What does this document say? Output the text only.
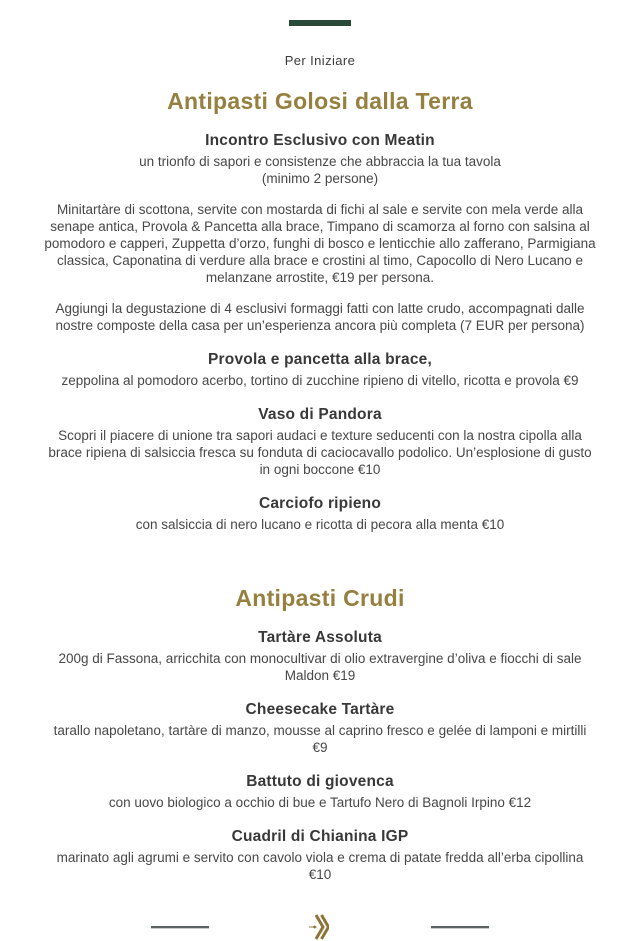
Per Iniziare
Antipasti Golosi dalla Terra
Incontro Esclusivo con Meatin
un trionfo di sapori e consistenze che abbraccia la tua tavola
(minimo 2 persone)

Minitartàre di scottona, servite con mostarda di fichi al sale e servite con mela verde alla senape antica, Provola & Pancetta alla brace, Timpano di scamorza al forno con salsina al pomodoro e capperi, Zuppetta d’orzo, funghi di bosco e lenticchie allo zafferano, Parmigiana classica, Caponatina di verdure alla brace e crostini al timo, Capocollo di Nero Lucano e melanzane arrostite, €19 per persona.

Aggiungi la degustazione di 4 esclusivi formaggi fatti con latte crudo, accompagnati dalle nostre composte della casa per un’esperienza ancora più completa (7 EUR per persona)

Provola e pancetta alla brace,
zeppolina al pomodoro acerbo, tortino di zucchine ripieno di vitello, ricotta e provola €9
Vaso di Pandora
Scopri il piacere di unione tra sapori audaci e texture seducenti con la nostra cipolla alla brace ripiena di salsiccia fresca su fonduta di caciocavallo podolico. Un’esplosione di gusto in ogni boccone €10
Carciofo ripieno
con salsiccia di nero lucano e ricotta di pecora alla menta €10
Antipasti Crudi
Tartàre Assoluta
200g di Fassona, arricchita con monocultivar di olio extravergine d’oliva e fiocchi di sale Maldon €19
Cheesecake Tartàre
tarallo napoletano, tartàre di manzo, mousse al caprino fresco e gelée di lamponi e mirtilli €9
Battuto di giovenca
con uovo biologico a occhio di bue e Tartufo Nero di Bagnoli Irpino €12
Cuadril di Chianina IGP
marinato agli agrumi e servito con cavolo viola e crema di patate fredda all’erba cipollina €10
